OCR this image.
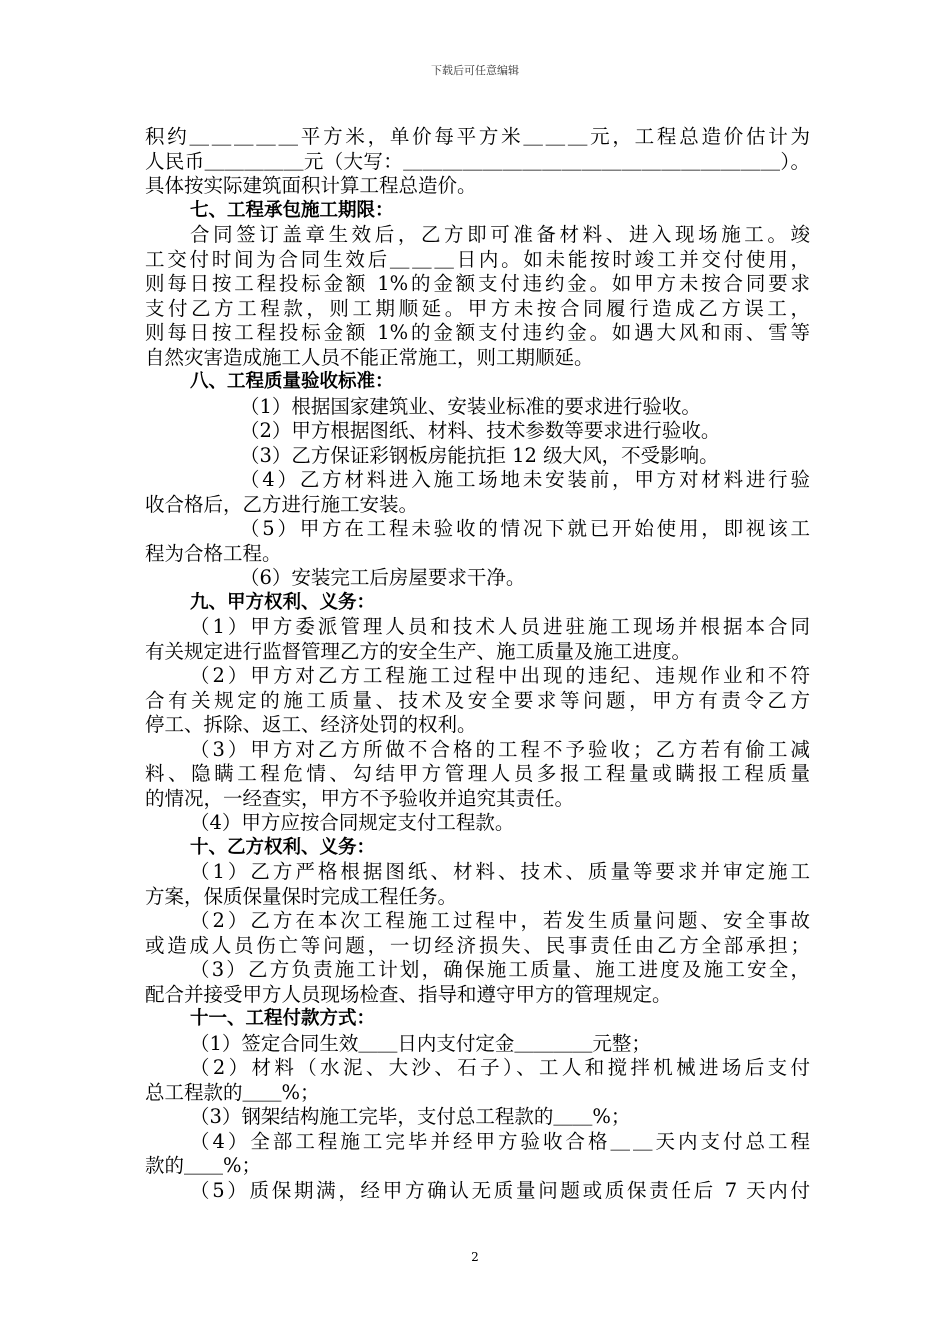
下载后可任意编辑
积约＿＿＿＿＿平方米，单价每平方米＿＿＿元，工程总造价估计为
人民币＿＿＿＿＿元（大写：＿＿＿＿＿＿＿＿＿＿＿＿＿＿＿＿＿＿＿）。
具体按实际建筑面积计算工程总造价。
七、工程承包施工期限：
合同签订盖章生效后，乙方即可准备材料、进入现场施工。竣
工交付时间为合同生效后＿＿＿日内。如未能按时竣工并交付使用，
则每日按工程投标金额 1%的金额支付违约金。如甲方未按合同要求
支付乙方工程款，则工期顺延。甲方未按合同履行造成乙方误工，
则每日按工程投标金额 1%的金额支付违约金。如遇大风和雨、雪等
自然灾害造成施工人员不能正常施工，则工期顺延。
八、工程质量验收标准：
（1）根据国家建筑业、安装业标准的要求进行验收。
（2）甲方根据图纸、材料、技术参数等要求进行验收。
（3）乙方保证彩钢板房能抗拒 12 级大风，不受影响。
（4）乙方材料进入施工场地未安装前，甲方对材料进行验
收合格后，乙方进行施工安装。
（5）甲方在工程未验收的情况下就已开始使用，即视该工
程为合格工程。
（6）安装完工后房屋要求干净。
九、甲方权利、义务：
（1）甲方委派管理人员和技术人员进驻施工现场并根据本合同
有关规定进行监督管理乙方的安全生产、施工质量及施工进度。
（2）甲方对乙方工程施工过程中出现的违纪、违规作业和不符
合有关规定的施工质量、技术及安全要求等问题，甲方有责令乙方
停工、拆除、返工、经济处罚的权利。
（3）甲方对乙方所做不合格的工程不予验收；乙方若有偷工减
料、隐瞒工程危情、勾结甲方管理人员多报工程量或瞒报工程质量
的情况，一经查实，甲方不予验收并追究其责任。
（4）甲方应按合同规定支付工程款。
十、乙方权利、义务：
（1）乙方严格根据图纸、材料、技术、质量等要求并审定施工
方案，保质保量保时完成工程任务。
（2）乙方在本次工程施工过程中，若发生质量问题、安全事故
或造成人员伤亡等问题，一切经济损失、民事责任由乙方全部承担；
（3）乙方负责施工计划，确保施工质量、施工进度及施工安全，
配合并接受甲方人员现场检查、指导和遵守甲方的管理规定。
十一、工程付款方式：
（1）签定合同生效＿＿日内支付定金＿＿＿＿元整；
（2）材料（水泥、大沙、石子）、工人和搅拌机械进场后支付
总工程款的＿＿%；
（3）钢架结构施工完毕，支付总工程款的＿＿%；
（4）全部工程施工完毕并经甲方验收合格＿＿天内支付总工程
款的＿＿%；
（5）质保期满，经甲方确认无质量问题或质保责任后 7 天内付
2
